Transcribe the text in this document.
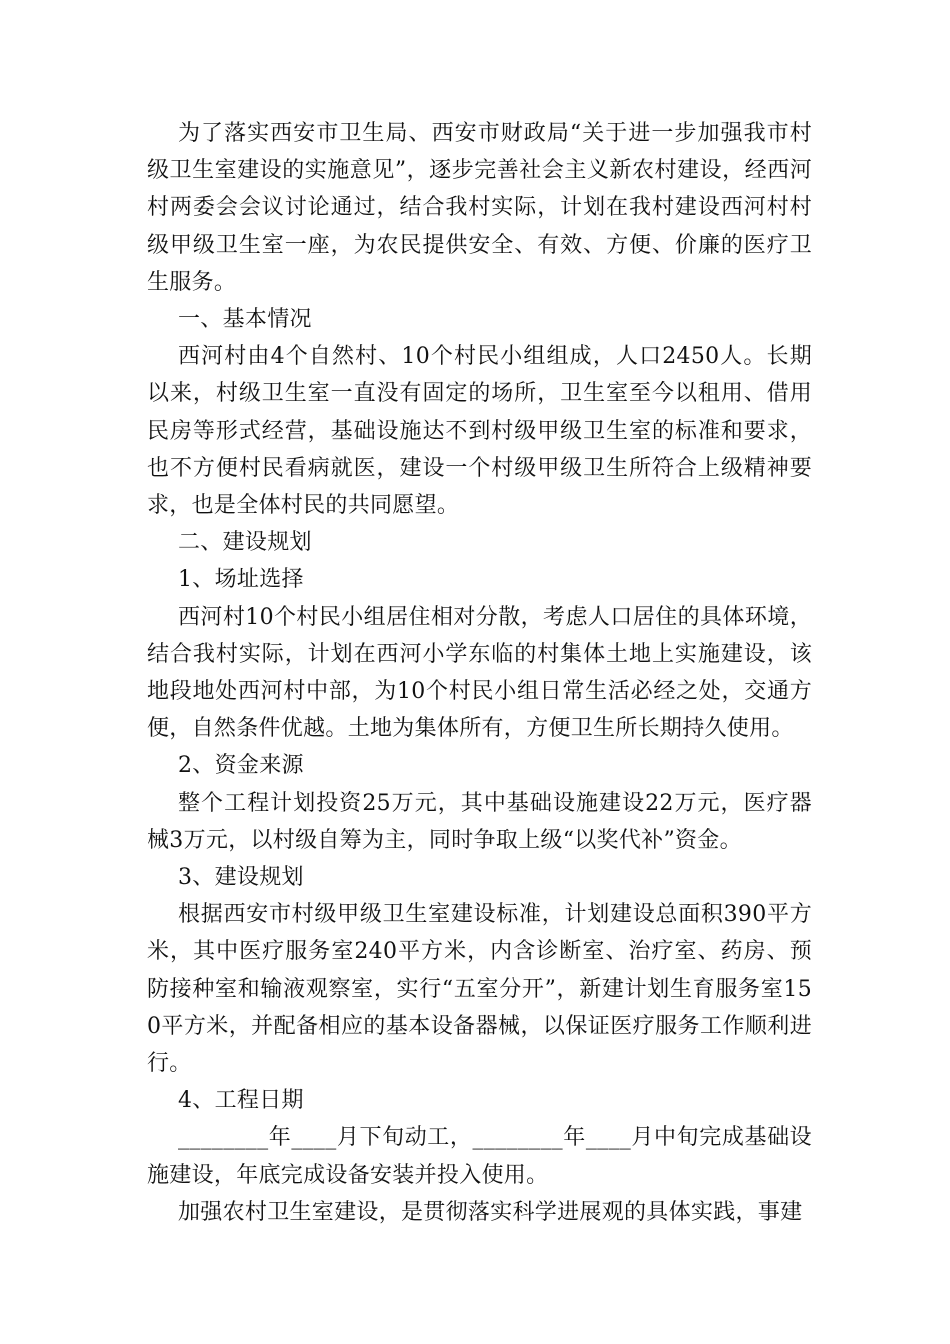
为了落实西安市卫生局、西安市财政局“关于进一步加强我市村级卫生室建设的实施意见”，逐步完善社会主义新农村建设，经西河村两委会会议讨论通过，结合我村实际，计划在我村建设西河村村级甲级卫生室一座，为农民提供安全、有效、方便、价廉的医疗卫生服务。

一、基本情况

西河村由4个自然村、10个村民小组组成，人口2450人。长期以来，村级卫生室一直没有固定的场所，卫生室至今以租用、借用民房等形式经营，基础设施达不到村级甲级卫生室的标准和要求，也不方便村民看病就医，建设一个村级甲级卫生所符合上级精神要求，也是全体村民的共同愿望。

二、建设规划

1、场址选择

西河村10个村民小组居住相对分散，考虑人口居住的具体环境，结合我村实际，计划在西河小学东临的村集体土地上实施建设，该地段地处西河村中部，为10个村民小组日常生活必经之处，交通方便，自然条件优越。土地为集体所有，方便卫生所长期持久使用。

2、资金来源

整个工程计划投资25万元，其中基础设施建设22万元，医疗器械3万元，以村级自筹为主，同时争取上级“以奖代补”资金。

3、建设规划

根据西安市村级甲级卫生室建设标准，计划建设总面积390平方米，其中医疗服务室240平方米，内含诊断室、治疗室、药房、预防接种室和输液观察室，实行“五室分开”，新建计划生育服务室150平方米，并配备相应的基本设备器械，以保证医疗服务工作顺利进行。

4、工程日期

________年____月下旬动工，________年____月中旬完成基础设施建设，年底完成设备安装并投入使用。

加强农村卫生室建设，是贯彻落实科学进展观的具体实践，事建
